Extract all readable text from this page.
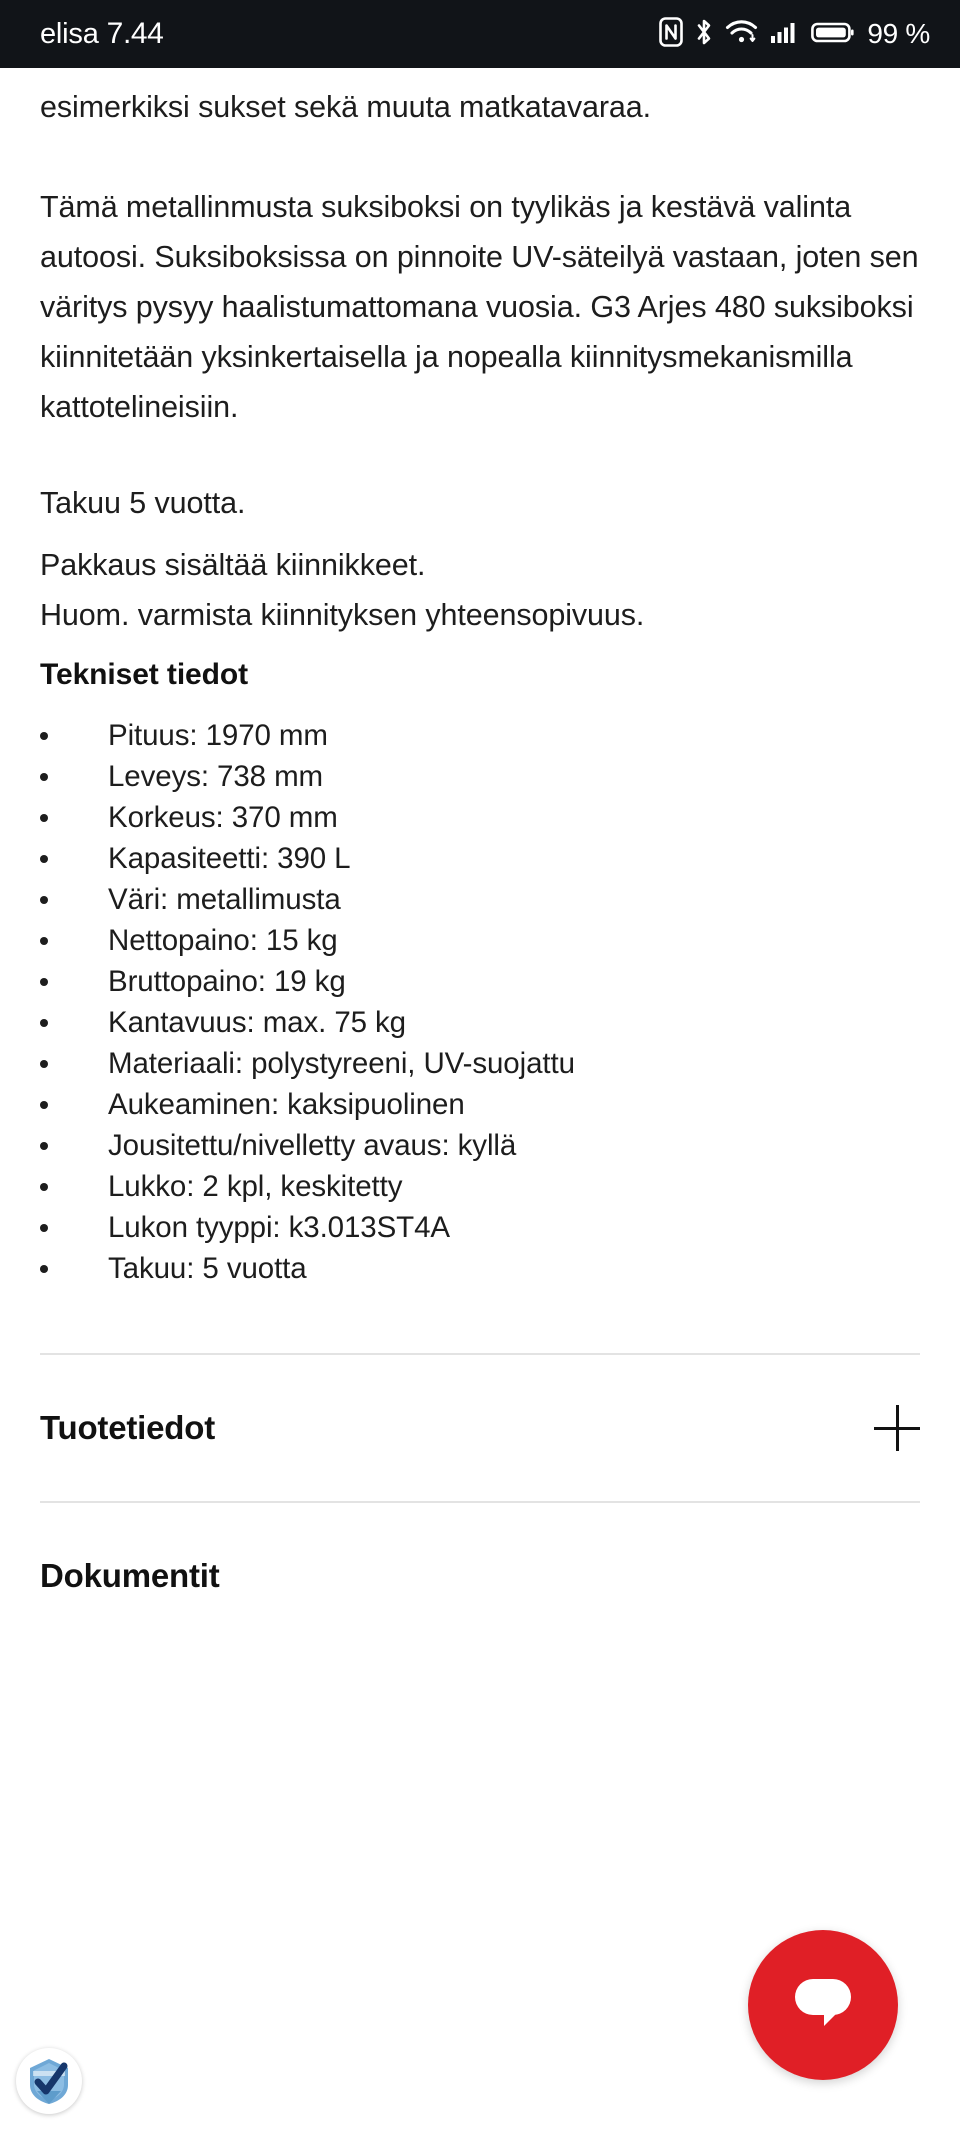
elisa 7.44	99 %

esimerkiksi sukset sekä muuta matkatavaraa.

Tämä metallinmusta suksiboksi on tyylikäs ja kestävä valinta autoosi. Suksiboksissa on pinnoite UV-säteilyä vastaan, joten sen väritys pysyy haalistumattomana vuosia. G3 Arjes 480 suksiboksi kiinnitetään yksinkertaisella ja nopealla kiinnitysmekanismilla kattotelineisiin.

Takuu 5 vuotta.

Pakkaus sisältää kiinnikkeet.

Huom. varmista kiinnityksen yhteensopivuus.

Tekniset tiedot

Pituus: 1970 mm
Leveys: 738 mm
Korkeus: 370 mm
Kapasiteetti: 390 L
Väri: metallimusta
Nettopaino: 15 kg
Bruttopaino: 19 kg
Kantavuus: max. 75 kg
Materiaali: polystyreeni, UV-suojattu
Aukeaminen: kaksipuolinen
Jousitettu/nivelletty avaus: kyllä
Lukko: 2 kpl, keskitetty
Lukon tyyppi: k3.013ST4A
Takuu: 5 vuotta
Tuotetiedot
Dokumentit
